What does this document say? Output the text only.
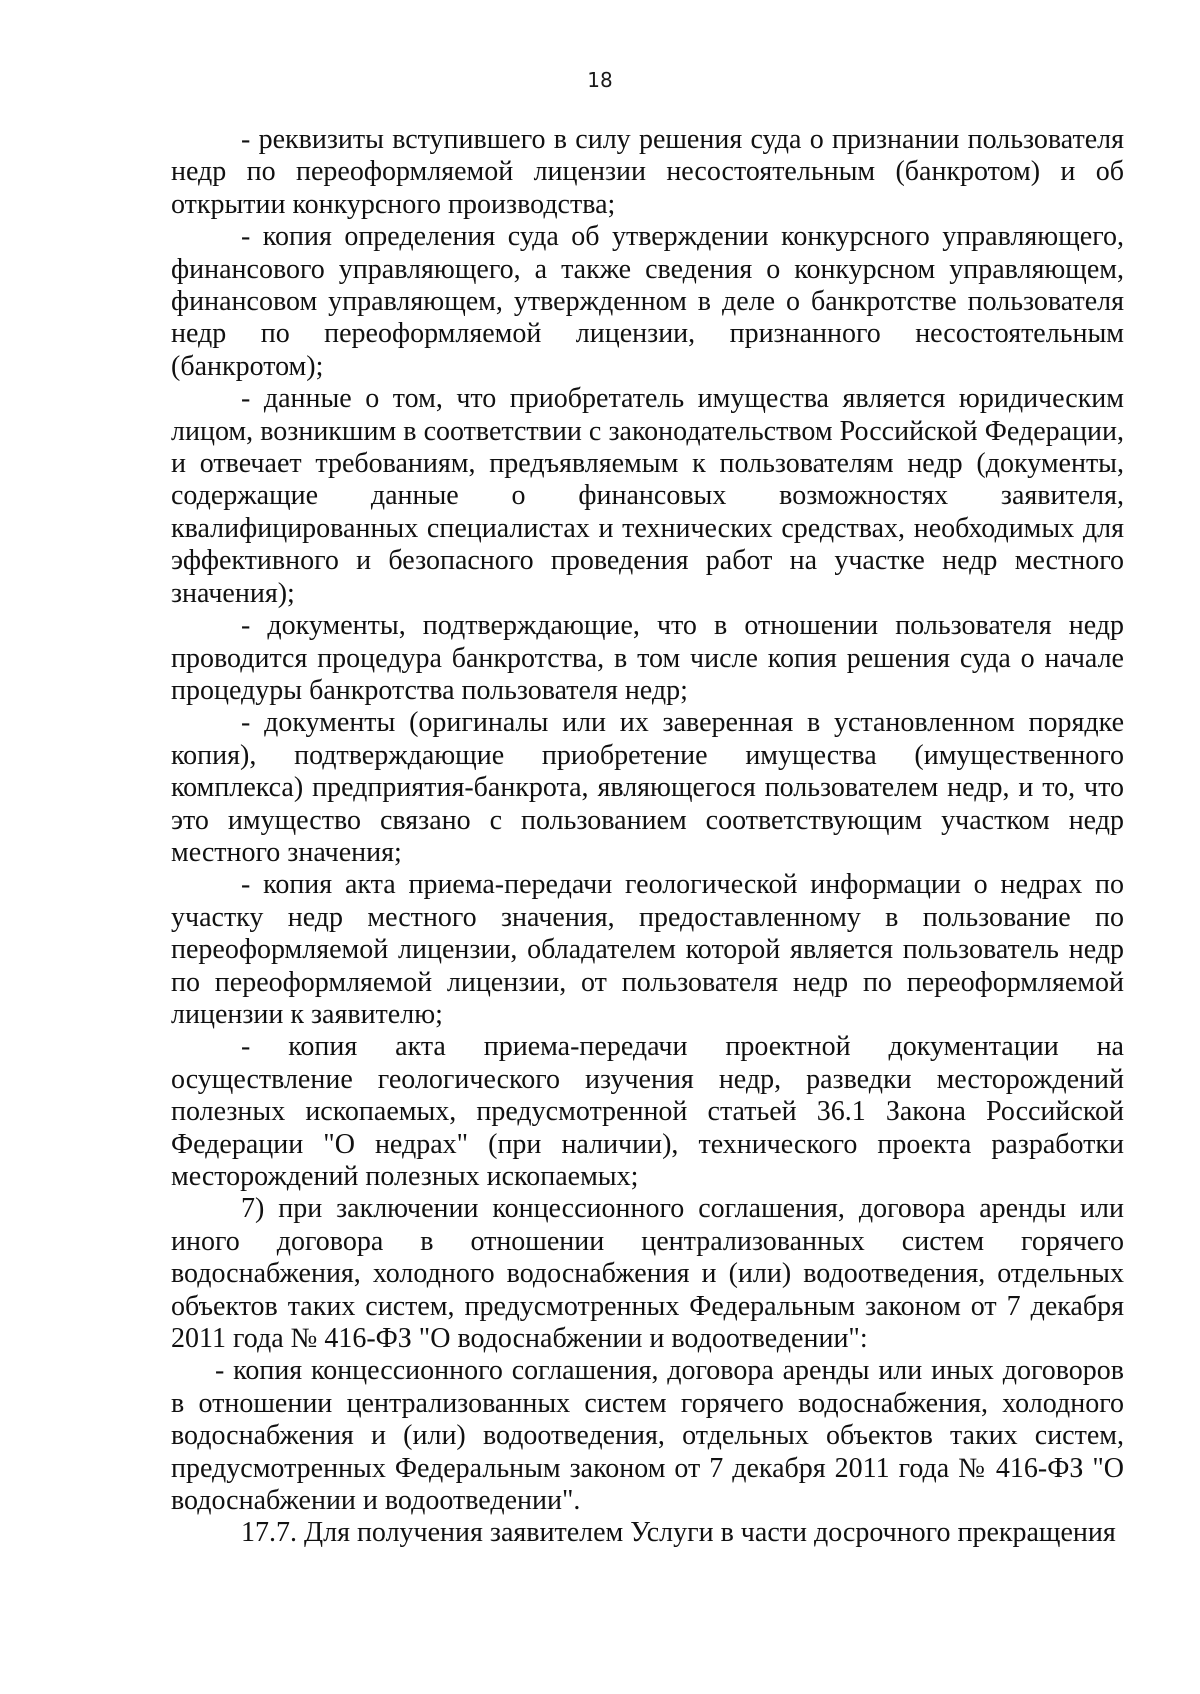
18

- реквизиты вступившего в силу решения суда о признании пользователя недр по переоформляемой лицензии несостоятельным (банкротом) и об открытии конкурсного производства;

- копия определения суда об утверждении конкурсного управляющего, финансового управляющего, а также сведения о конкурсном управляющем, финансовом управляющем, утвержденном в деле о банкротстве пользователя недр по переоформляемой лицензии, признанного несостоятельным (банкротом);

- данные о том, что приобретатель имущества является юридическим лицом, возникшим в соответствии с законодательством Российской Федерации, и отвечает требованиям, предъявляемым к пользователям недр (документы, содержащие данные о финансовых возможностях заявителя, квалифицированных специалистах и технических средствах, необходимых для эффективного и безопасного проведения работ на участке недр местного значения);

- документы, подтверждающие, что в отношении пользователя недр проводится процедура банкротства, в том числе копия решения суда о начале процедуры банкротства пользователя недр;

- документы (оригиналы или их заверенная в установленном порядке копия), подтверждающие приобретение имущества (имущественного комплекса) предприятия-банкрота, являющегося пользователем недр, и то, что это имущество связано с пользованием соответствующим участком недр местного значения;

- копия акта приема-передачи геологической информации о недрах по участку недр местного значения, предоставленному в пользование по переоформляемой лицензии, обладателем которой является пользователь недр по переоформляемой лицензии, от пользователя недр по переоформляемой лицензии к заявителю;

- копия акта приема-передачи проектной документации на осуществление геологического изучения недр, разведки месторождений полезных ископаемых, предусмотренной статьей 36.1 Закона Российской Федерации "О недрах" (при наличии), технического проекта разработки месторождений полезных ископаемых;

7) при заключении концессионного соглашения, договора аренды или иного договора в отношении централизованных систем горячего водоснабжения, холодного водоснабжения и (или) водоотведения, отдельных объектов таких систем, предусмотренных Федеральным законом от 7 декабря 2011 года № 416-ФЗ "О водоснабжении и водоотведении":

- копия концессионного соглашения, договора аренды или иных договоров в отношении централизованных систем горячего водоснабжения, холодного водоснабжения и (или) водоотведения, отдельных объектов таких систем, предусмотренных Федеральным законом от 7 декабря 2011 года № 416-ФЗ "О водоснабжении и водоотведении".

17.7. Для получения заявителем Услуги в части досрочного прекращения
